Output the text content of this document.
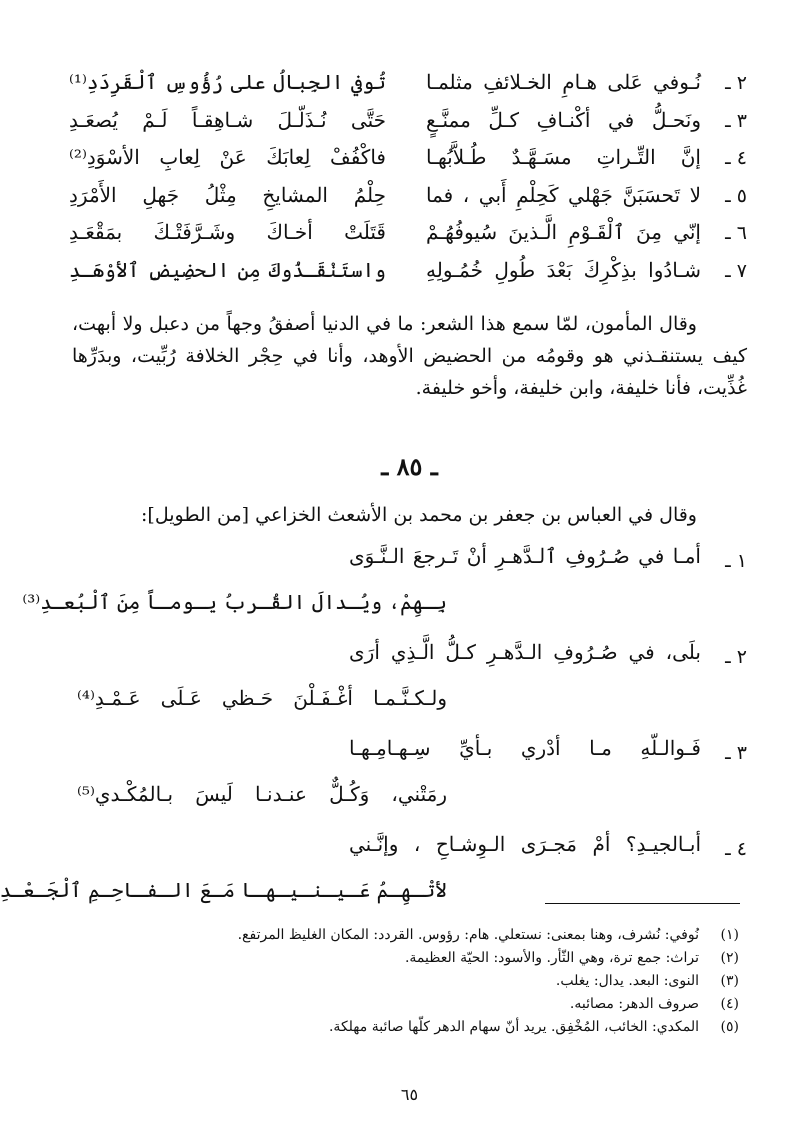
٢ ـ
نُـوفي عَلى هـامِ الخـلائفِ مثلمـا
تُوفي الجِبالُ على رُؤُوسِ ٱلْقَرِدَدِ⁽¹⁾
٣ ـ
ونَحـلُّ في أكْنـافِ كـلِّ ممنَّـعٍ
حَتَّى نُـذَلّـلَ شـاهِقـاً لَـمْ يُصعَـدِ
٤ ـ
إنَّ التِّـراتِ مسَـهَّـدٌ طُـلاَّبُهـا
فاكْفُفْ لِعابَكَ عَنْ لِعابِ الأسْوَدِ⁽²⁾
٥ ـ
لا تَحسَبَنَّ جَهْلي كَحِلْمِ أَبي ، فما
حِلْمُ المشايخِ مِثْلُ جَهلِ الأَمْرَدِ
٦ ـ
إنّي مِنَ ٱلْقَـوْمِ الَّـذينَ سُيوفُهُـمْ
قَتَلَتْ أخـاكَ وشَـرَّفَتْـكَ بمَقْعَـدِ
٧ ـ
شـادُوا بذِكْرِكَ بَعْدَ طُولِ خُمُـولِهِ
واستَنْقَـذُوكَ مِن الحضِيضِ ٱلأوْهَـدِ

وقال المأمون، لمّا سمع هذا الشعر: ما في الدنيا أصفقُ وجهاً من دعبل ولا أبهت، كيف يستنقـذني هو وقومُه من الحضيض الأوهد، وأنا في حِجْر الخلافة رُبِّيت، وبدَرِّها غُذِّيت، فأنا خليفة، وابن خليفة، وأخو خليفة.

ـ ٨٥ ـ
وقال في العباس بن جعفر بن محمد بن الأشعث الخزاعي [من الطويل]:
١ ـ
أمـا في صُـرُوفِ ٱلـدَّهـرِ أنْ تَـرجعَ الـنَّـوَى
بِـهِمْ، ويُـدالَ القُـربُ يـومـاً مِنَ ٱلْبُعـدِ⁽³⁾
٢ ـ
بلَى، في صُـرُوفِ الـدَّهـرِ كـلُّ الَّـذِي أرَى
ولـكـنَّـمـا أغْـفَـلْنَ حَـظي عَـلَى عَـمْـدِ⁽⁴⁾
٣ ـ
فَـوالـلّهِ مـا أدْري بـأيِّ سِـهـامِـهـا
رمَتْني، وَكُـلٌّ عنـدنـا لَيسَ بـالمُكْـدي⁽⁵⁾
٤ ـ
أبـالجيـدِ؟ أمْ مَجـرَى الـوِشـاحِ ، وإنَّـني
لأتْـهِـمُ عَـيـنـيـهـا مَـعَ الـفـاحِـمِ ٱلْجَـعْـدِ
(١)
نُوفي: نُشرف، وهنا بمعنى: نستعلي. هام: رؤوس. القردد: المكان الغليظ المرتفع.
(٢)
تراث: جمع ترة، وهي الثّأر. والأسود: الحيّة العظيمة.
(٣)
النوى: البعد. يدال: يغلب.
(٤)
صروف الدهر: مصائبه.
(٥)
المكدي: الخائب، المُخْفِق. يريد أنّ سهام الدهر كلّها صائبة مهلكة.
٦٥
